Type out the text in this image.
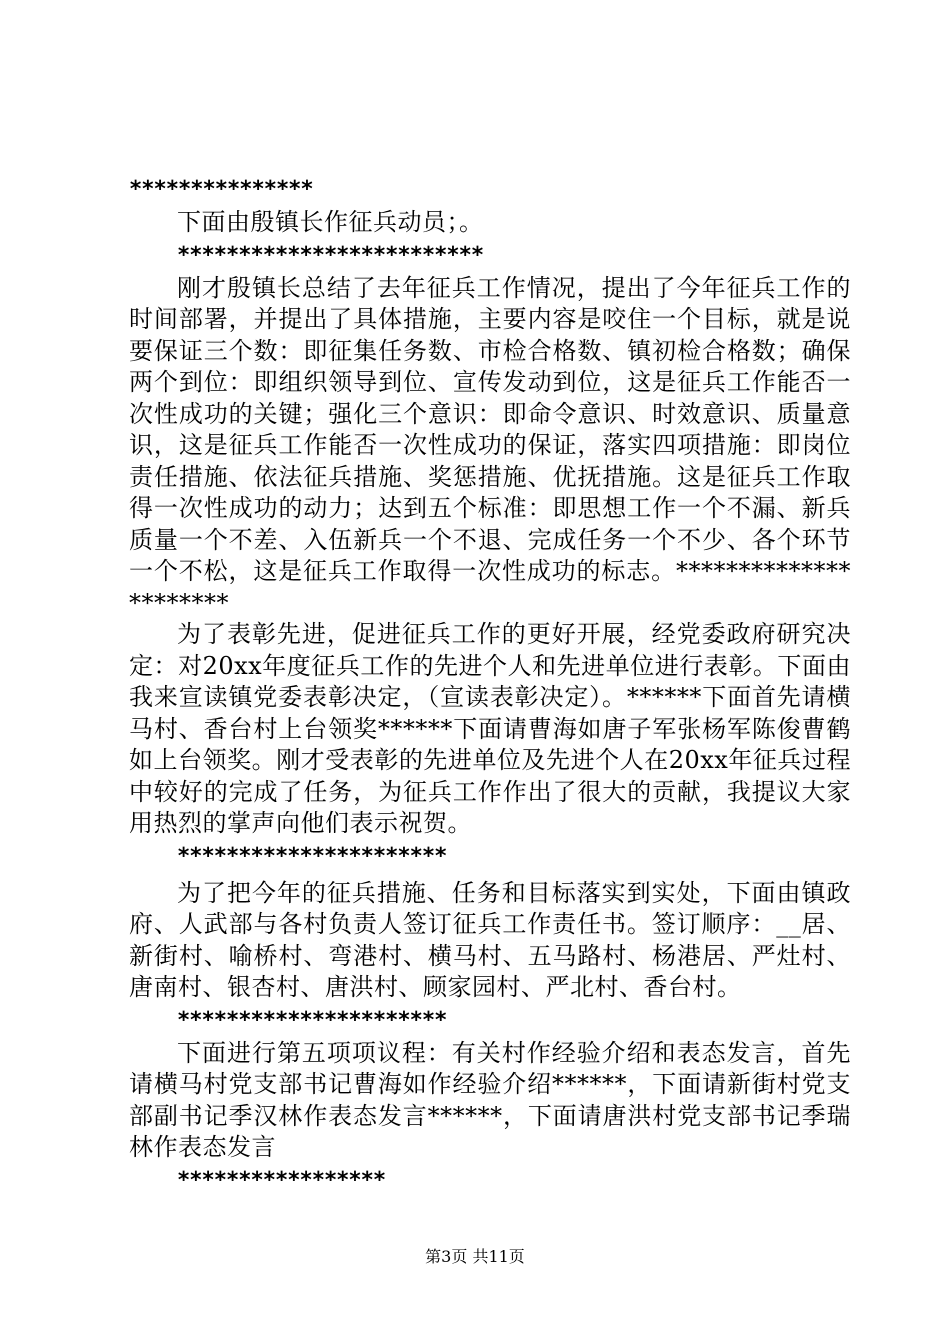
***************

下面由殷镇长作征兵动员；。

*************************

刚才殷镇长总结了去年征兵工作情况，提出了今年征兵工作的时间部署，并提出了具体措施，主要内容是咬住一个目标，就是说要保证三个数：即征集任务数、市检合格数、镇初检合格数；确保两个到位：即组织领导到位、宣传发动到位，这是征兵工作能否一次性成功的关键；强化三个意识：即命令意识、时效意识、质量意识，这是征兵工作能否一次性成功的保证，落实四项措施：即岗位责任措施、依法征兵措施、奖惩措施、优抚措施。这是征兵工作取得一次性成功的动力；达到五个标准：即思想工作一个不漏、新兵质量一个不差、入伍新兵一个不退、完成任务一个不少、各个环节一个不松，这是征兵工作取得一次性成功的标志。**********************

为了表彰先进，促进征兵工作的更好开展，经党委政府研究决定：对20xx年度征兵工作的先进个人和先进单位进行表彰。下面由我来宣读镇党委表彰决定，（宣读表彰决定）。******下面首先请横马村、香台村上台领奖******下面请曹海如唐子军张杨军陈俊曹鹤如上台领奖。刚才受表彰的先进单位及先进个人在20xx年征兵过程中较好的完成了任务，为征兵工作作出了很大的贡献，我提议大家用热烈的掌声向他们表示祝贺。

**********************

为了把今年的征兵措施、任务和目标落实到实处，下面由镇政府、人武部与各村负责人签订征兵工作责任书。签订顺序：__居、新街村、喻桥村、弯港村、横马村、五马路村、杨港居、严灶村、唐南村、银杏村、唐洪村、顾家园村、严北村、香台村。

**********************

下面进行第五项项议程：有关村作经验介绍和表态发言，首先请横马村党支部书记曹海如作经验介绍******，下面请新街村党支部副书记季汉林作表态发言******，下面请唐洪村党支部书记季瑞林作表态发言

*****************
第3页 共11页
